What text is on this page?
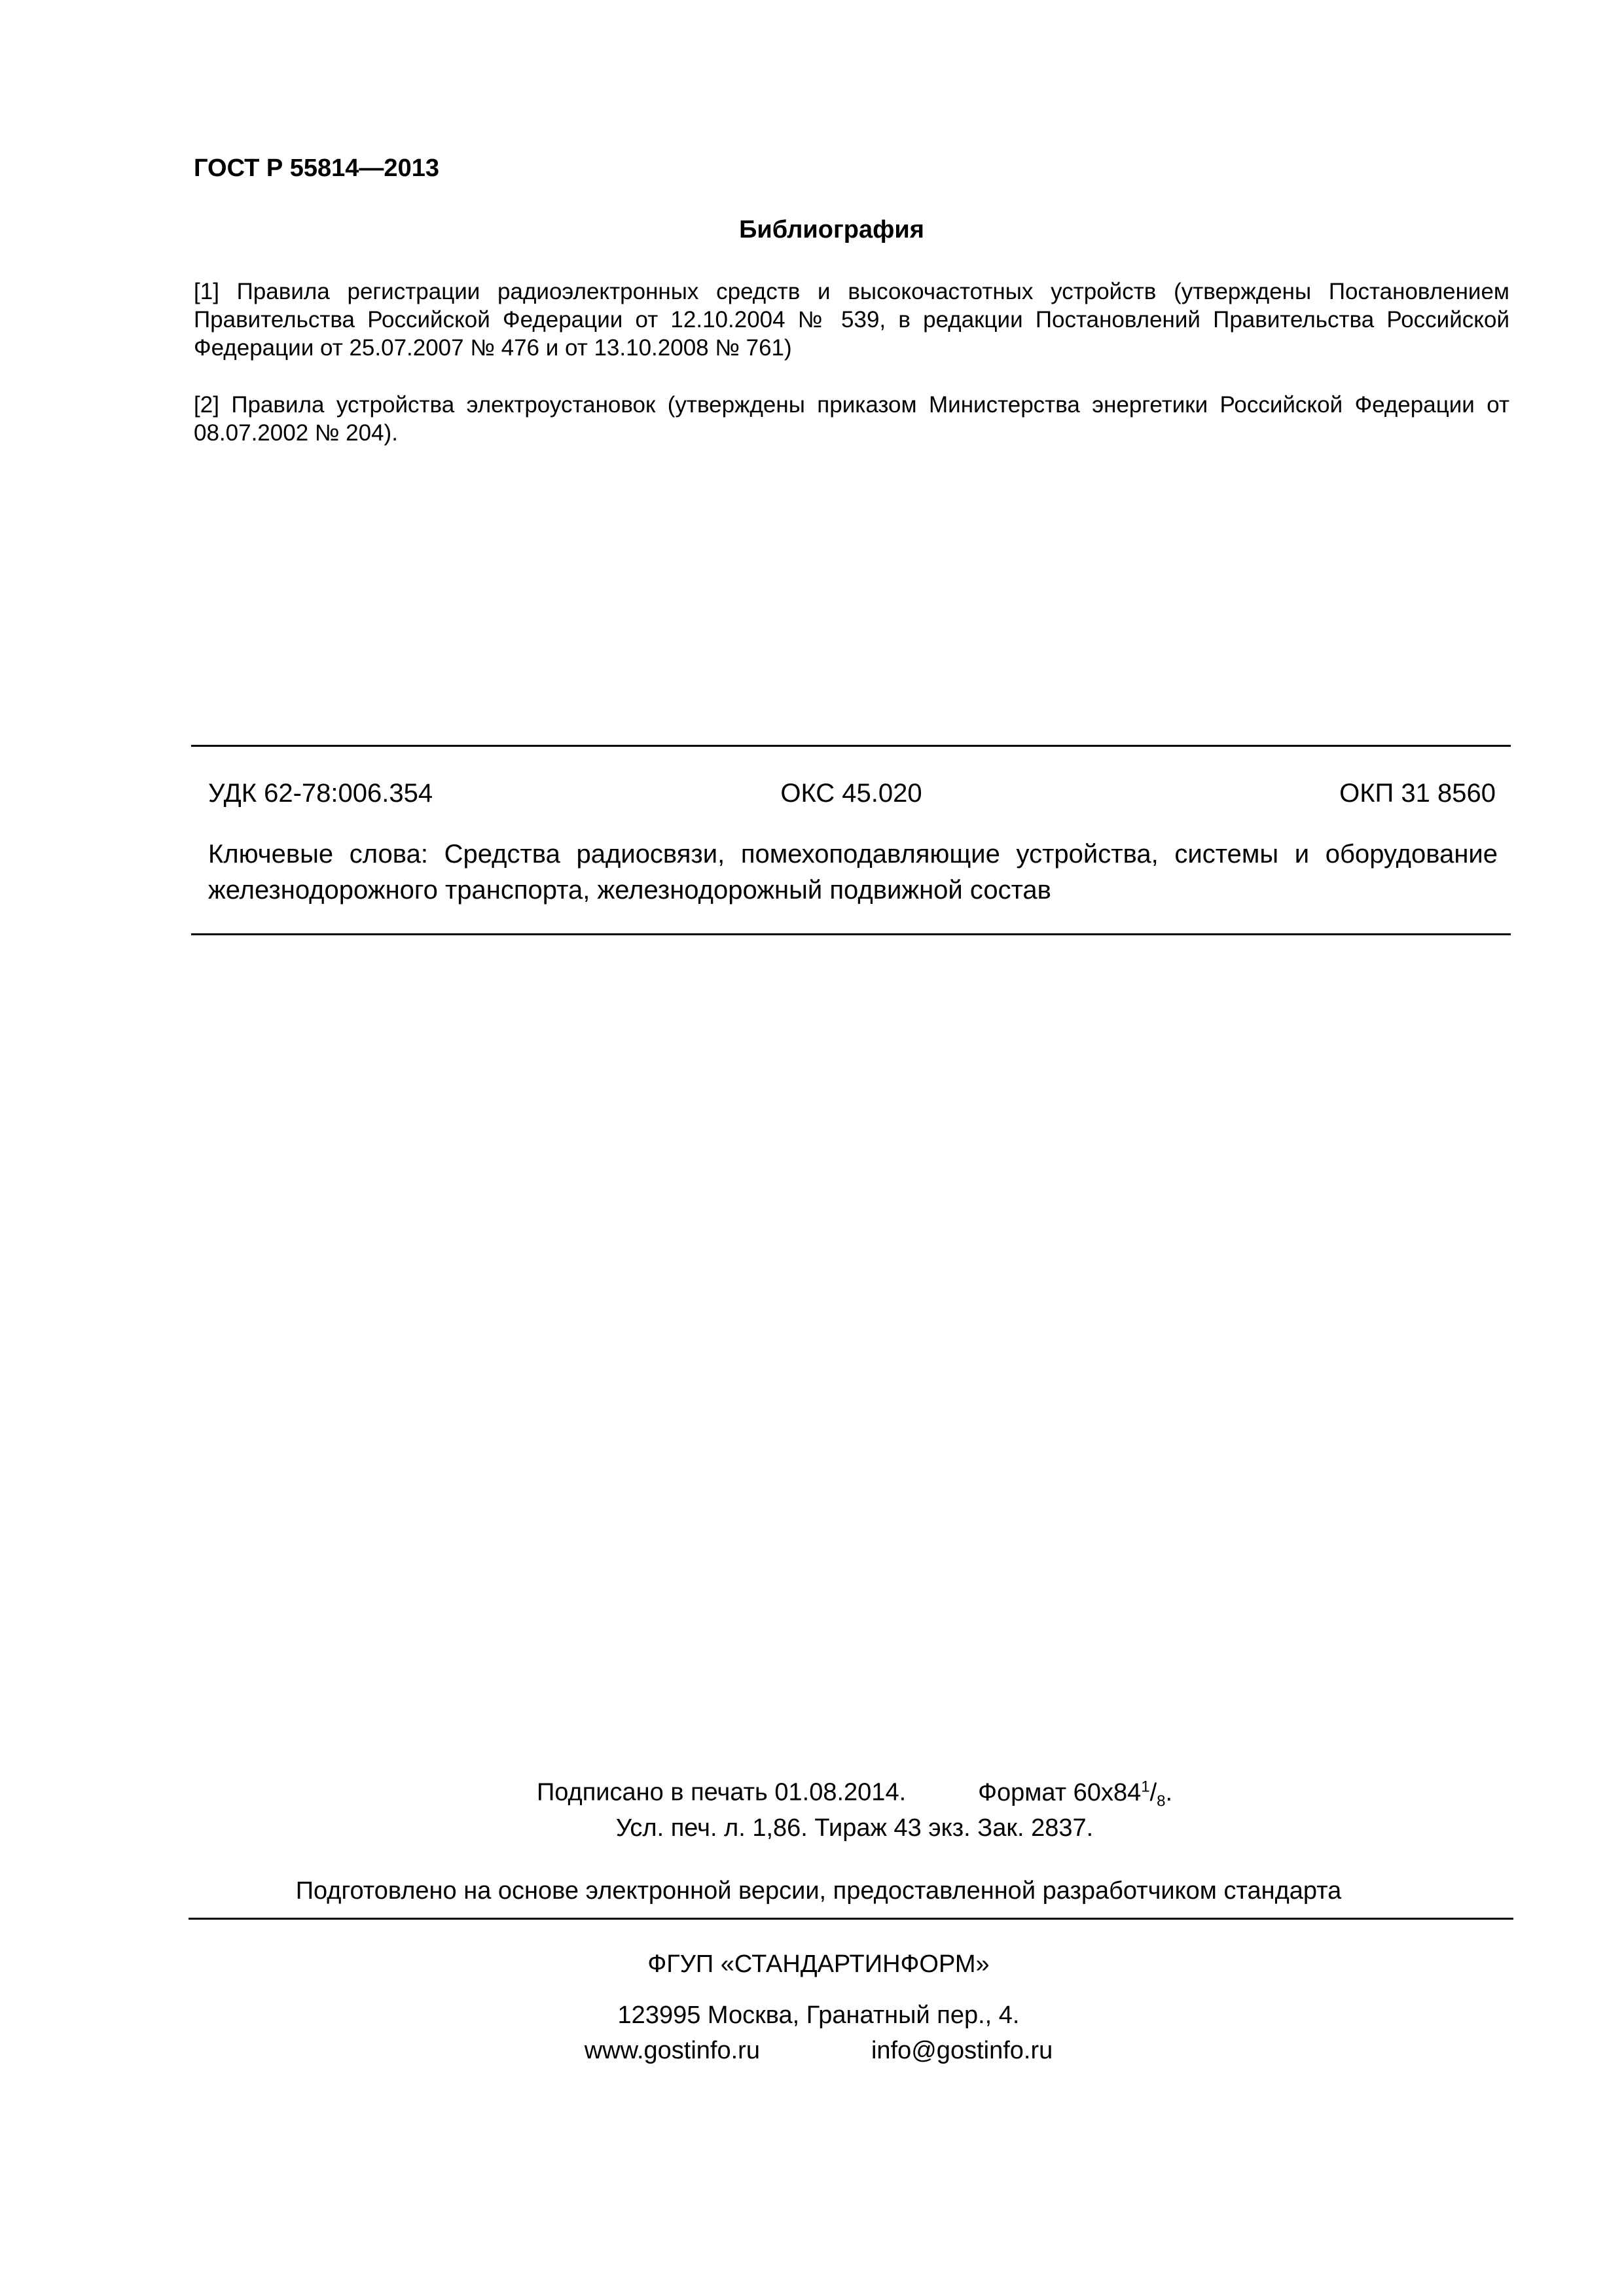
ГОСТ Р 55814—2013
Библиография
[1] Правила регистрации радиоэлектронных средств и высокочастотных устройств (утверждены Постановлением Правительства Российской Федерации от 12.10.2004 № 539, в редакции Постановлений Правительства Российской Федерации от 25.07.2007 № 476 и от 13.10.2008 № 761)
[2] Правила устройства электроустановок (утверждены приказом Министерства энергетики Российской Федерации от 08.07.2002 № 204).
УДК 62-78:006.354	ОКС 45.020	ОКП 31 8560
Ключевые слова: Средства радиосвязи, помехоподавляющие устройства, системы и оборудование железнодорожного транспорта, железнодорожный подвижной состав
Подписано в печать 01.08.2014.	Формат $60x84^1/_8$.
Усл. печ. л. 1,86. Тираж 43 экз. Зак. 2837.
Подготовлено на основе электронной версии, предоставленной разработчиком стандарта
ФГУП «СТАНДАРТИНФОРМ»
123995 Москва, Гранатный пер., 4.
www.gostinfo.ru	info@gostinfo.ru
